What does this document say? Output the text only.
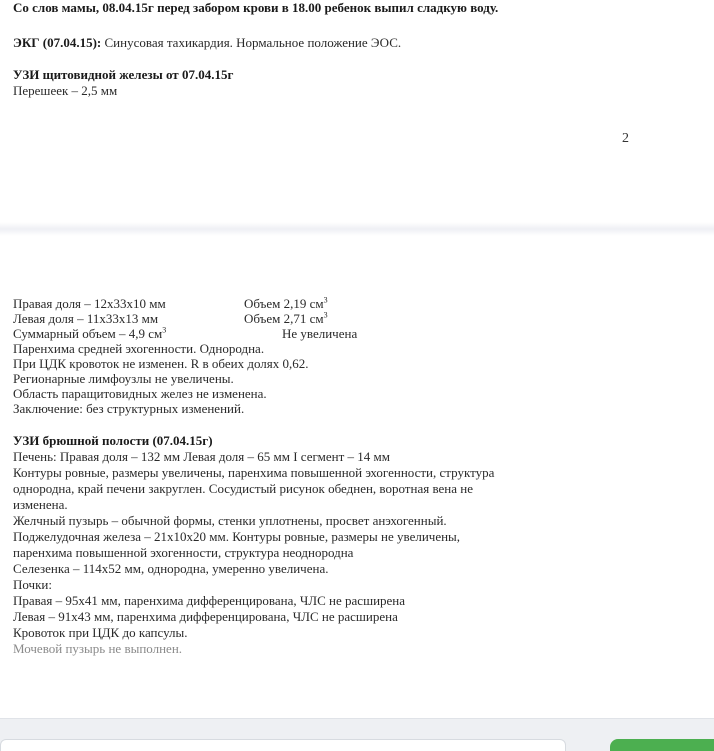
Со слов мамы, 08.04.15г перед забором крови в 18.00 ребенок выпил сладкую воду.
ЭКГ (07.04.15): Синусовая тахикардия. Нормальное положение ЭОС.
УЗИ щитовидной железы от 07.04.15г
Перешеек – 2,5 мм
2
Правая доля – 12х33х10 мм	Объем 2,19 $см^3$
Левая доля – 11х33х13 мм	Объем 2,71 $см^3$
Суммарный объем – 4,9 $см^3$	Не увеличена
Паренхима средней эхогенности. Однородна.
При ЦДК кровоток не изменен. R в обеих долях 0,62.
Регионарные лимфоузлы не увеличены.
Область паращитовидных желез не изменена.
Заключение: без структурных изменений.
УЗИ брюшной полости (07.04.15г)
Печень: Правая доля – 132 мм Левая доля – 65 мм I сегмент – 14 мм
Контуры ровные, размеры увеличены, паренхима повышенной эхогенности, структура
однородна, край печени закруглен. Сосудистый рисунок обеднен, воротная вена не
изменена.
Желчный пузырь – обычной формы, стенки уплотнены, просвет анэхогенный.
Поджелудочная железа – 21х10х20 мм. Контуры ровные, размеры не увеличены,
паренхима повышенной эхогенности, структура неоднородна
Селезенка – 114х52 мм, однородна, умеренно увеличена.
Почки:
Правая – 95х41 мм, паренхима дифференцирована, ЧЛС не расширена
Левая – 91х43 мм, паренхима дифференцирована, ЧЛС не расширена
Кровоток при ЦДК до капсулы.
Мочевой пузырь не выполнен.
